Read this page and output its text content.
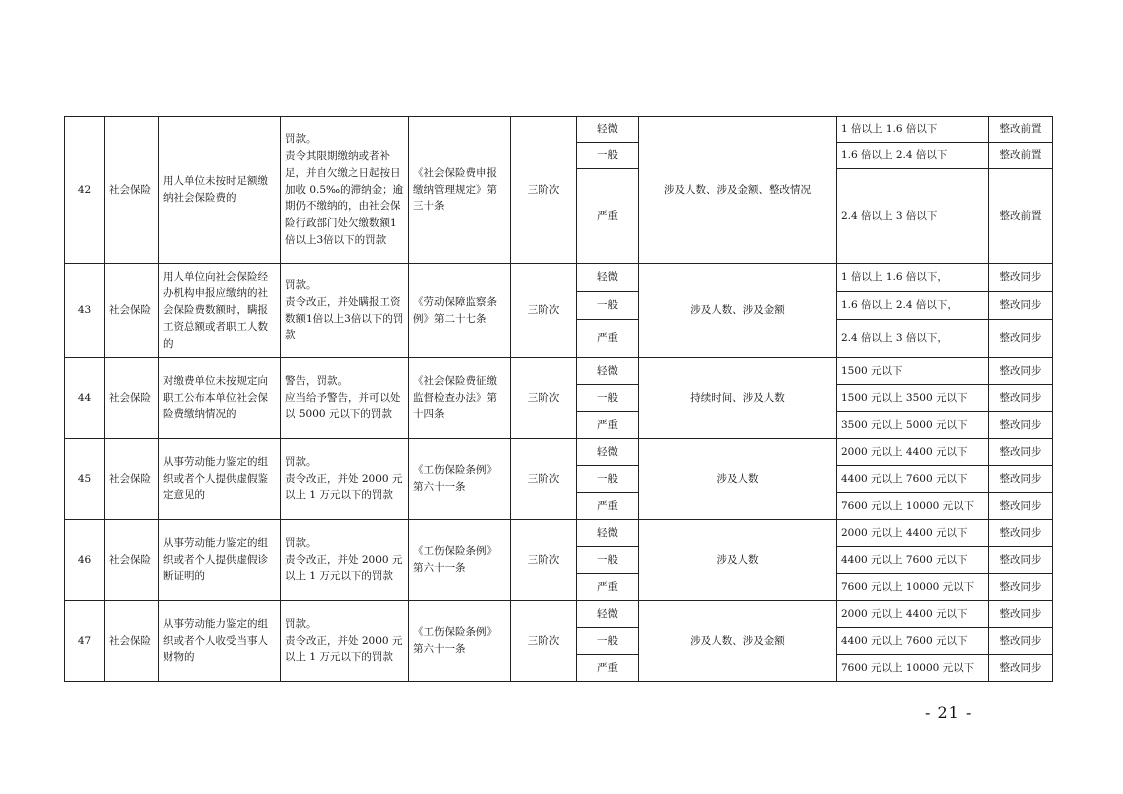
42	社会保险	用人单位未按时足额缴纳社会保险费的	罚款。
责令其限期缴纳或者补足，并自欠缴之日起按日加收 0.5‰的滞纳金；逾期仍不缴纳的，由社会保险行政部门处欠缴数额1倍以上3倍以下的罚款	《社会保险费申报缴纳管理规定》第三十条	三阶次	轻微	涉及人数、涉及金额、整改情况	1 倍以上 1.6 倍以下	整改前置
						一般		1.6 倍以上 2.4 倍以下	整改前置
						严重		2.4 倍以上 3 倍以下	整改前置
43	社会保险	用人单位向社会保险经办机构申报应缴纳的社会保险费数额时，瞒报工资总额或者职工人数的	罚款。
责令改正，并处瞒报工资数额1倍以上3倍以下的罚款	《劳动保障监察条例》第二十七条	三阶次	轻微	涉及人数、涉及金额	1 倍以上 1.6 倍以下，	整改同步
						一般		1.6 倍以上 2.4 倍以下，	整改同步
						严重		2.4 倍以上 3 倍以下，	整改同步
44	社会保险	对缴费单位未按规定向职工公布本单位社会保险费缴纳情况的	警告，罚款。
应当给予警告，并可以处以 5000 元以下的罚款	《社会保险费征缴监督检查办法》第十四条	三阶次	轻微	持续时间、涉及人数	1500 元以下	整改同步
						一般		1500 元以上 3500 元以下	整改同步
						严重		3500 元以上 5000 元以下	整改同步
45	社会保险	从事劳动能力鉴定的组织或者个人提供虚假鉴定意见的	罚款。
责令改正，并处 2000 元以上 1 万元以下的罚款	《工伤保险条例》第六十一条	三阶次	轻微	涉及人数	2000 元以上 4400 元以下	整改同步
						一般		4400 元以上 7600 元以下	整改同步
						严重		7600 元以上 10000 元以下	整改同步
46	社会保险	从事劳动能力鉴定的组织或者个人提供虚假诊断证明的	罚款。
责令改正，并处 2000 元以上 1 万元以下的罚款	《工伤保险条例》第六十一条	三阶次	轻微	涉及人数	2000 元以上 4400 元以下	整改同步
						一般		4400 元以上 7600 元以下	整改同步
						严重		7600 元以上 10000 元以下	整改同步
47	社会保险	从事劳动能力鉴定的组织或者个人收受当事人财物的	罚款。
责令改正，并处 2000 元以上 1 万元以下的罚款	《工伤保险条例》第六十一条	三阶次	轻微	涉及人数、涉及金额	2000 元以上 4400 元以下	整改同步
						一般		4400 元以上 7600 元以下	整改同步
						严重		7600 元以上 10000 元以下	整改同步
- 21 -
